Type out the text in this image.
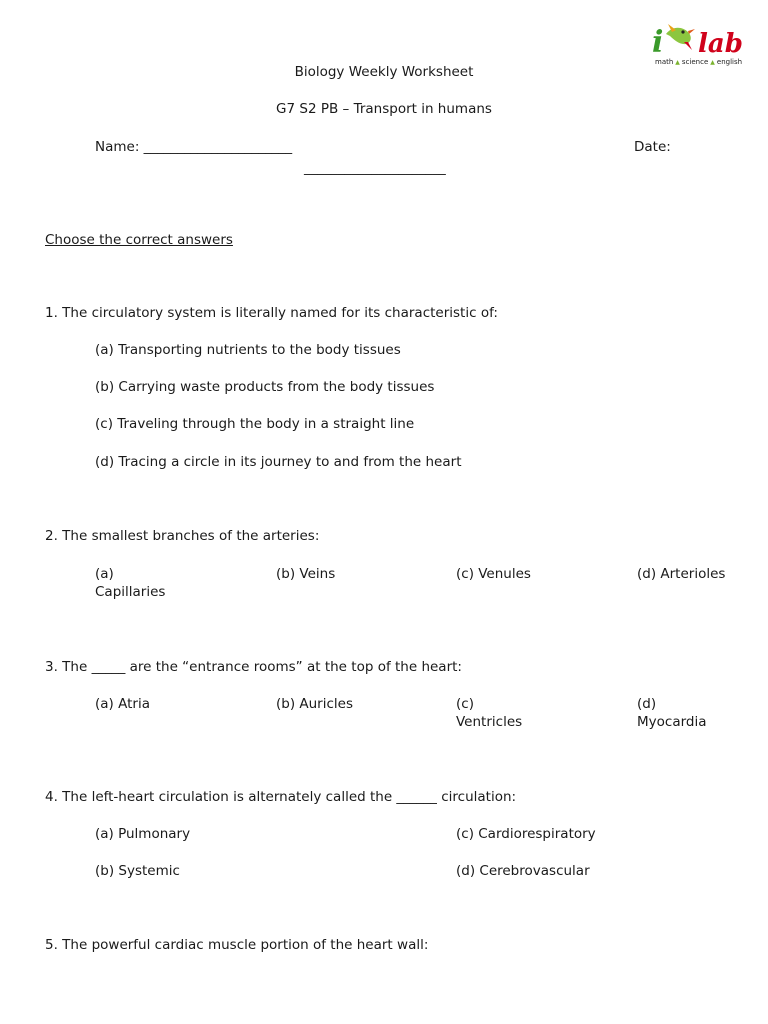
i lab
math ▲ science ▲ english
Biology Weekly Worksheet
G7 S2 PB – Transport in humans
Name: ______________________	Date:
_____________________
Choose the correct answers
1. The circulatory system is literally named for its characteristic of:
(a) Transporting nutrients to the body tissues
(b) Carrying waste products from the body tissues
(c) Traveling through the body in a straight line
(d) Tracing a circle in its journey to and from the heart
2. The smallest branches of the arteries:
(a) Capillaries
(b) Veins	(c) Venules	(d) Arterioles
3. The _____ are the “entrance rooms” at the top of the heart:
(a) Atria	(b) Auricles	(c) Ventricles
(d) Myocardia
4. The left-heart circulation is alternately called the ______ circulation:
(a) Pulmonary	(c) Cardiorespiratory
(b) Systemic	(d) Cerebrovascular
5. The powerful cardiac muscle portion of the heart wall:
